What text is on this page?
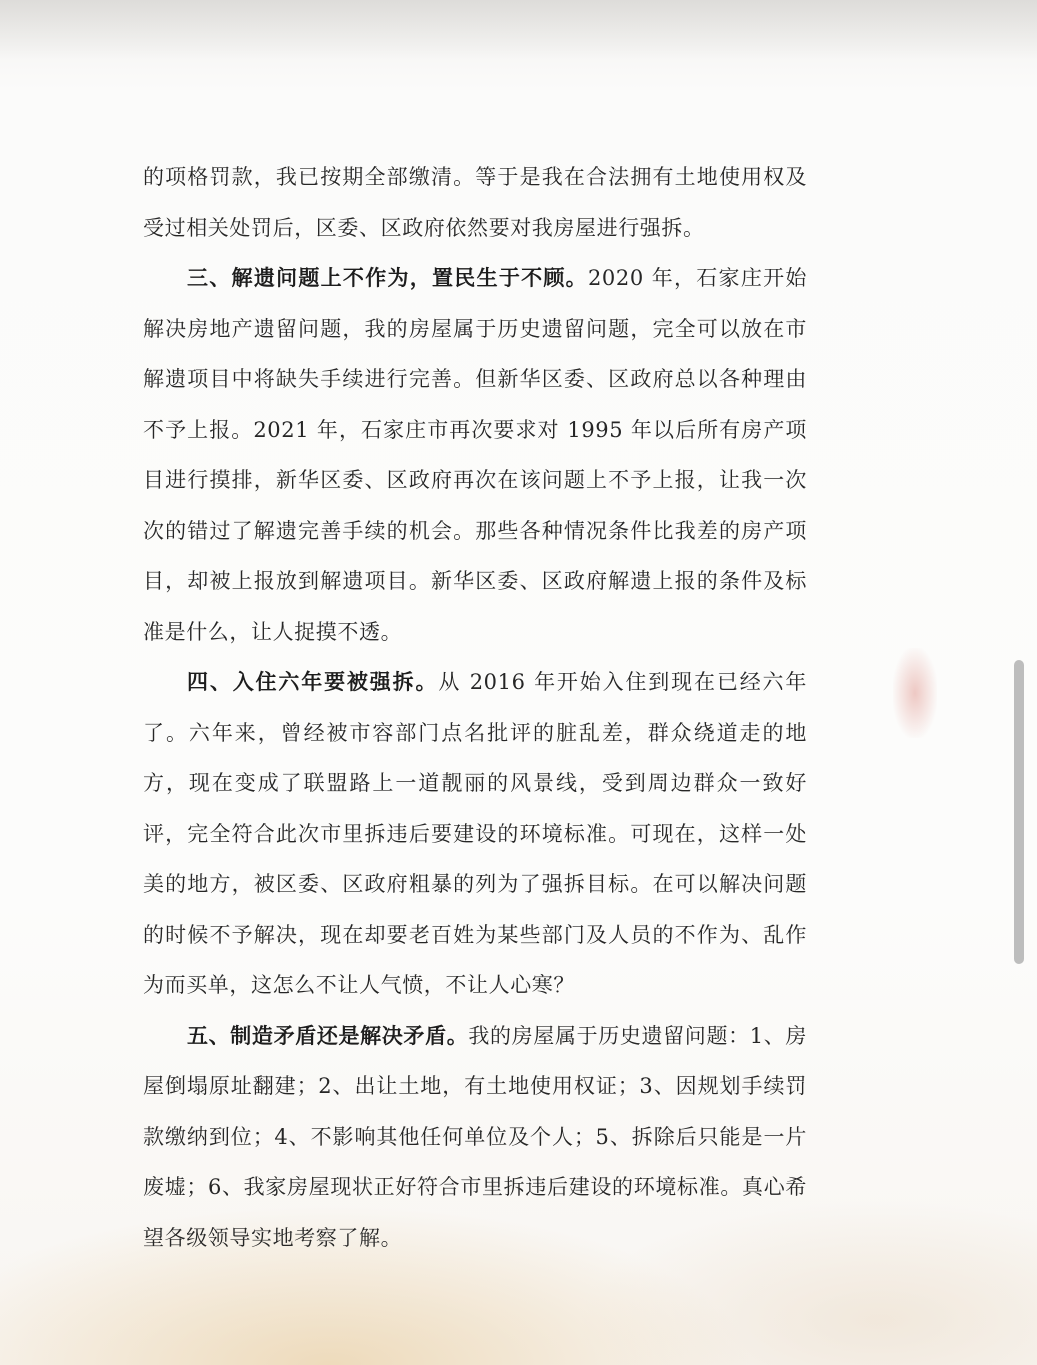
的项格罚款，我已按期全部缴清。等于是我在合法拥有土地使用权及受过相关处罚后，区委、区政府依然要对我房屋进行强拆。

三、解遗问题上不作为，置民生于不顾。2020 年，石家庄开始解决房地产遗留问题，我的房屋属于历史遗留问题，完全可以放在市解遗项目中将缺失手续进行完善。但新华区委、区政府总以各种理由不予上报。2021 年，石家庄市再次要求对 1995 年以后所有房产项目进行摸排，新华区委、区政府再次在该问题上不予上报，让我一次次的错过了解遗完善手续的机会。那些各种情况条件比我差的房产项目，却被上报放到解遗项目。新华区委、区政府解遗上报的条件及标准是什么，让人捉摸不透。

四、入住六年要被强拆。从 2016 年开始入住到现在已经六年了。六年来，曾经被市容部门点名批评的脏乱差，群众绕道走的地方，现在变成了联盟路上一道靓丽的风景线，受到周边群众一致好评，完全符合此次市里拆违后要建设的环境标准。可现在，这样一处美的地方，被区委、区政府粗暴的列为了强拆目标。在可以解决问题的时候不予解决，现在却要老百姓为某些部门及人员的不作为、乱作为而买单，这怎么不让人气愤，不让人心寒？

五、制造矛盾还是解决矛盾。我的房屋属于历史遗留问题：1、房屋倒塌原址翻建；2、出让土地，有土地使用权证；3、因规划手续罚款缴纳到位；4、不影响其他任何单位及个人；5、拆除后只能是一片废墟；6、我家房屋现状正好符合市里拆违后建设的环境标准。真心希望各级领导实地考察了解。
